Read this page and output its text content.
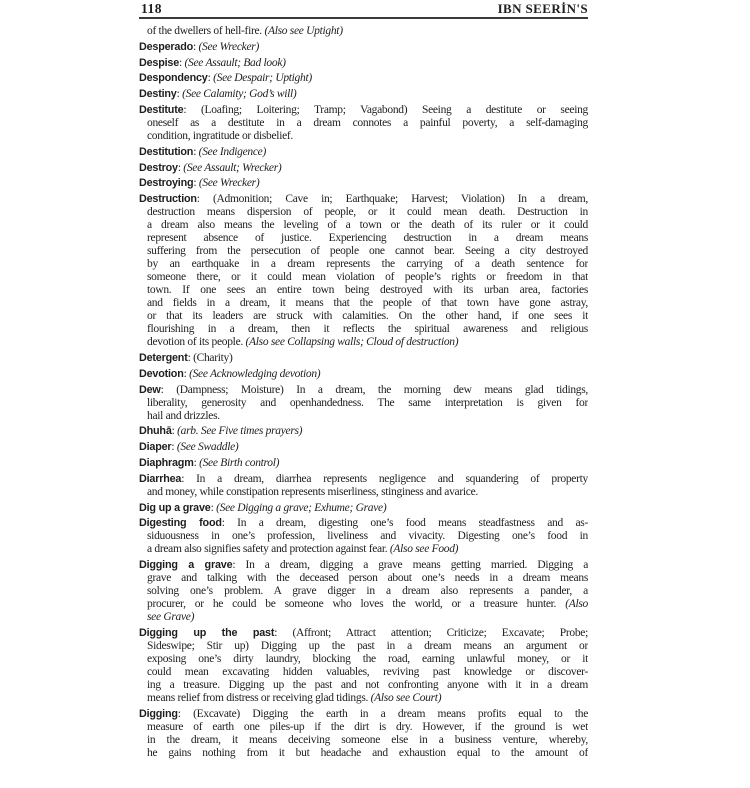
118	IBN SEERİN'S
of the dwellers of hell-fire. (Also see Uptight)
Desperado: (See Wrecker)
Despise: (See Assault; Bad look)
Despondency: (See Despair; Uptight)
Destiny: (See Calamity; God’s will)
Destitute: (Loafing; Loitering; Tramp; Vagabond) Seeing a destitute or seeing
oneself as a destitute in a dream connotes a painful poverty, a self-damaging
condition, ingratitude or disbelief.
Destitution: (See Indigence)
Destroy: (See Assault; Wrecker)
Destroying: (See Wrecker)
Destruction: (Admonition; Cave in; Earthquake; Harvest; Violation) In a dream,
destruction means dispersion of people, or it could mean death. Destruction in
a dream also means the leveling of a town or the death of its ruler or it could
represent absence of justice. Experiencing destruction in a dream means
suffering from the persecution of people one cannot bear. Seeing a city destroyed
by an earthquake in a dream represents the carrying of a death sentence for
someone there, or it could mean violation of people’s rights or freedom in that
town. If one sees an entire town being destroyed with its urban area, factories
and fields in a dream, it means that the people of that town have gone astray,
or that its leaders are struck with calamities. On the other hand, if one sees it
flourishing in a dream, then it reflects the spiritual awareness and religious
devotion of its people. (Also see Collapsing walls; Cloud of destruction)
Detergent: (Charity)
Devotion: (See Acknowledging devotion)
Dew: (Dampness; Moisture) In a dream, the morning dew means glad tidings,
liberality, generosity and openhandedness. The same interpretation is given for
hail and drizzles.
Dhuhā: (arb. See Five times prayers)
Diaper: (See Swaddle)
Diaphragm: (See Birth control)
Diarrhea: In a dream, diarrhea represents negligence and squandering of property
and money, while constipation represents miserliness, stinginess and avarice.
Dig up a grave: (See Digging a grave; Exhume; Grave)
Digesting food: In a dream, digesting one’s food means steadfastness and as-
siduousness in one’s profession, liveliness and vivacity. Digesting one’s food in
a dream also signifies safety and protection against fear. (Also see Food)
Digging a grave: In a dream, digging a grave means getting married. Digging a
grave and talking with the deceased person about one’s needs in a dream means
solving one’s problem. A grave digger in a dream also represents a pander, a
procurer, or he could be someone who loves the world, or a treasure hunter. (Also
see Grave)
Digging up the past: (Affront; Attract attention; Criticize; Excavate; Probe;
Sideswipe; Stir up) Digging up the past in a dream means an argument or
exposing one’s dirty laundry, blocking the road, earning unlawful money, or it
could mean excavating hidden valuables, reviving past knowledge or discover-
ing a treasure. Digging up the past and not confronting anyone with it in a dream
means relief from distress or receiving glad tidings. (Also see Court)
Digging: (Excavate) Digging the earth in a dream means profits equal to the
measure of earth one piles-up if the dirt is dry. However, if the ground is wet
in the dream, it means deceiving someone else in a business venture, whereby,
he gains nothing from it but headache and exhaustion equal to the amount of
